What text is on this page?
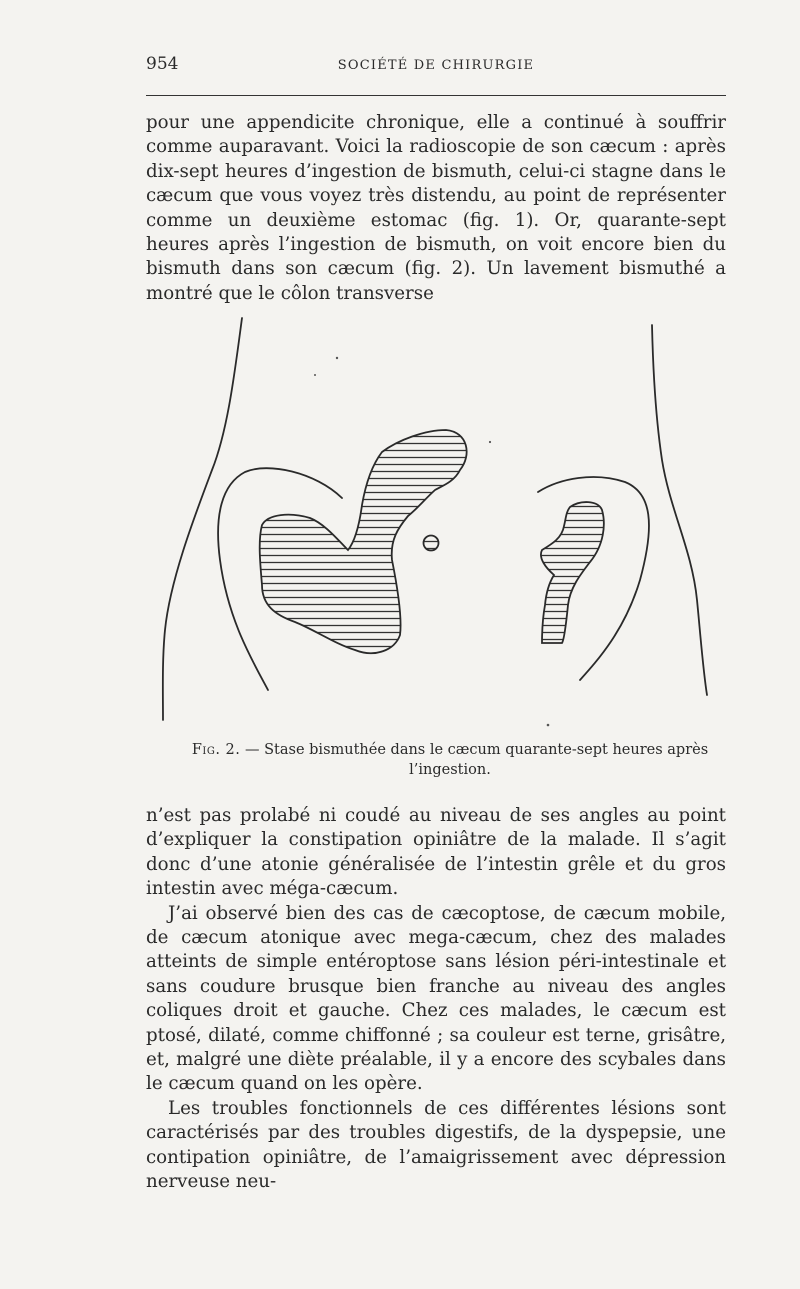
954	SOCIÉTÉ DE CHIRURGIE

pour une appendicite chronique, elle a continué à souffrir comme auparavant. Voici la radioscopie de son cæcum : après dix-sept heures d’ingestion de bismuth, celui-ci stagne dans le cæcum que vous voyez très distendu, au point de représenter comme un deuxième estomac (fig. 1). Or, quarante-sept heures après l’ingestion de bismuth, on voit encore bien du bismuth dans son cæcum (fig. 2). Un lavement bismuthé a montré que le côlon transverse

Fig. 2. — Stase bismuthée dans le cæcum quarante-sept heures après l’ingestion.

n’est pas prolabé ni coudé au niveau de ses angles au point d’expliquer la constipation opiniâtre de la malade. Il s’agit donc d’une atonie généralisée de l’intestin grêle et du gros intestin avec méga-cæcum.

J’ai observé bien des cas de cæcoptose, de cæcum mobile, de cæcum atonique avec mega-cæcum, chez des malades atteints de simple entéroptose sans lésion péri-intestinale et sans coudure brusque bien franche au niveau des angles coliques droit et gauche. Chez ces malades, le cæcum est ptosé, dilaté, comme chiffonné ; sa couleur est terne, grisâtre, et, malgré une diète préalable, il y a encore des scybales dans le cæcum quand on les opère.

Les troubles fonctionnels de ces différentes lésions sont caractérisés par des troubles digestifs, de la dyspepsie, une contipation opiniâtre, de l’amaigrissement avec dépression nerveuse neu-
